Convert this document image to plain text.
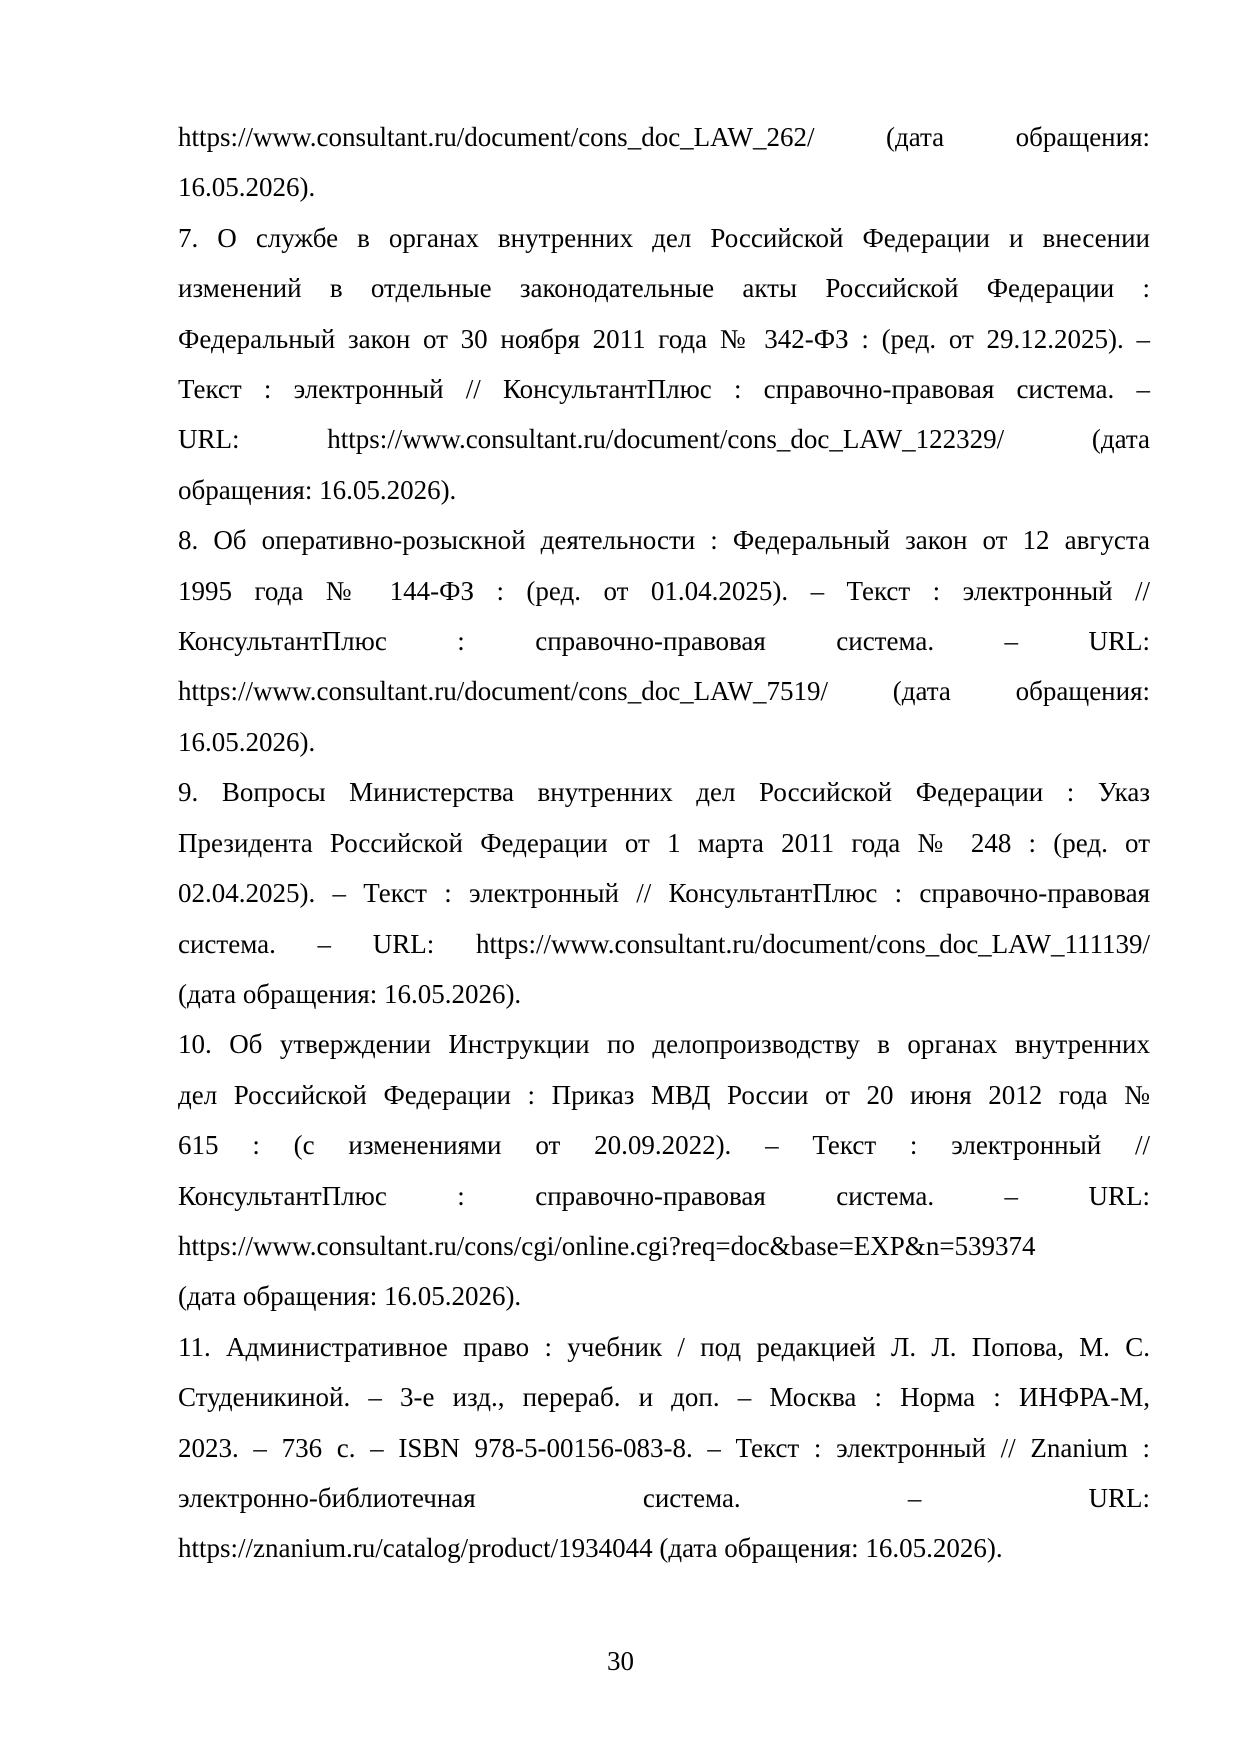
https://www.consultant.ru/document/cons_doc_LAW_262/ (дата обращения:
16.05.2026).
7. О службе в органах внутренних дел Российской Федерации и внесении
изменений в отдельные законодательные акты Российской Федерации :
Федеральный закон от 30 ноября 2011 года № 342-ФЗ : (ред. от 29.12.2025). –
Текст : электронный // КонсультантПлюс : справочно-правовая система. –
URL: https://www.consultant.ru/document/cons_doc_LAW_122329/ (дата
обращения: 16.05.2026).
8. Об оперативно-розыскной деятельности : Федеральный закон от 12 августа
1995 года № 144-ФЗ : (ред. от 01.04.2025). – Текст : электронный //
КонсультантПлюс : справочно-правовая система. – URL:
https://www.consultant.ru/document/cons_doc_LAW_7519/ (дата обращения:
16.05.2026).
9. Вопросы Министерства внутренних дел Российской Федерации : Указ
Президента Российской Федерации от 1 марта 2011 года № 248 : (ред. от
02.04.2025). – Текст : электронный // КонсультантПлюс : справочно-правовая
система. – URL: https://www.consultant.ru/document/cons_doc_LAW_111139/
(дата обращения: 16.05.2026).
10. Об утверждении Инструкции по делопроизводству в органах внутренних
дел Российской Федерации : Приказ МВД России от 20 июня 2012 года №
615 : (с изменениями от 20.09.2022). – Текст : электронный //
КонсультантПлюс : справочно-правовая система. – URL:
https://www.consultant.ru/cons/cgi/online.cgi?req=doc&base=EXP&n=539374
(дата обращения: 16.05.2026).
11. Административное право : учебник / под редакцией Л. Л. Попова, М. С.
Студеникиной. – 3-е изд., перераб. и доп. – Москва : Норма : ИНФРА-М,
2023. – 736 с. – ISBN 978-5-00156-083-8. – Текст : электронный // Znanium :
электронно-библиотечная система. – URL:
https://znanium.ru/catalog/product/1934044 (дата обращения: 16.05.2026).
30
